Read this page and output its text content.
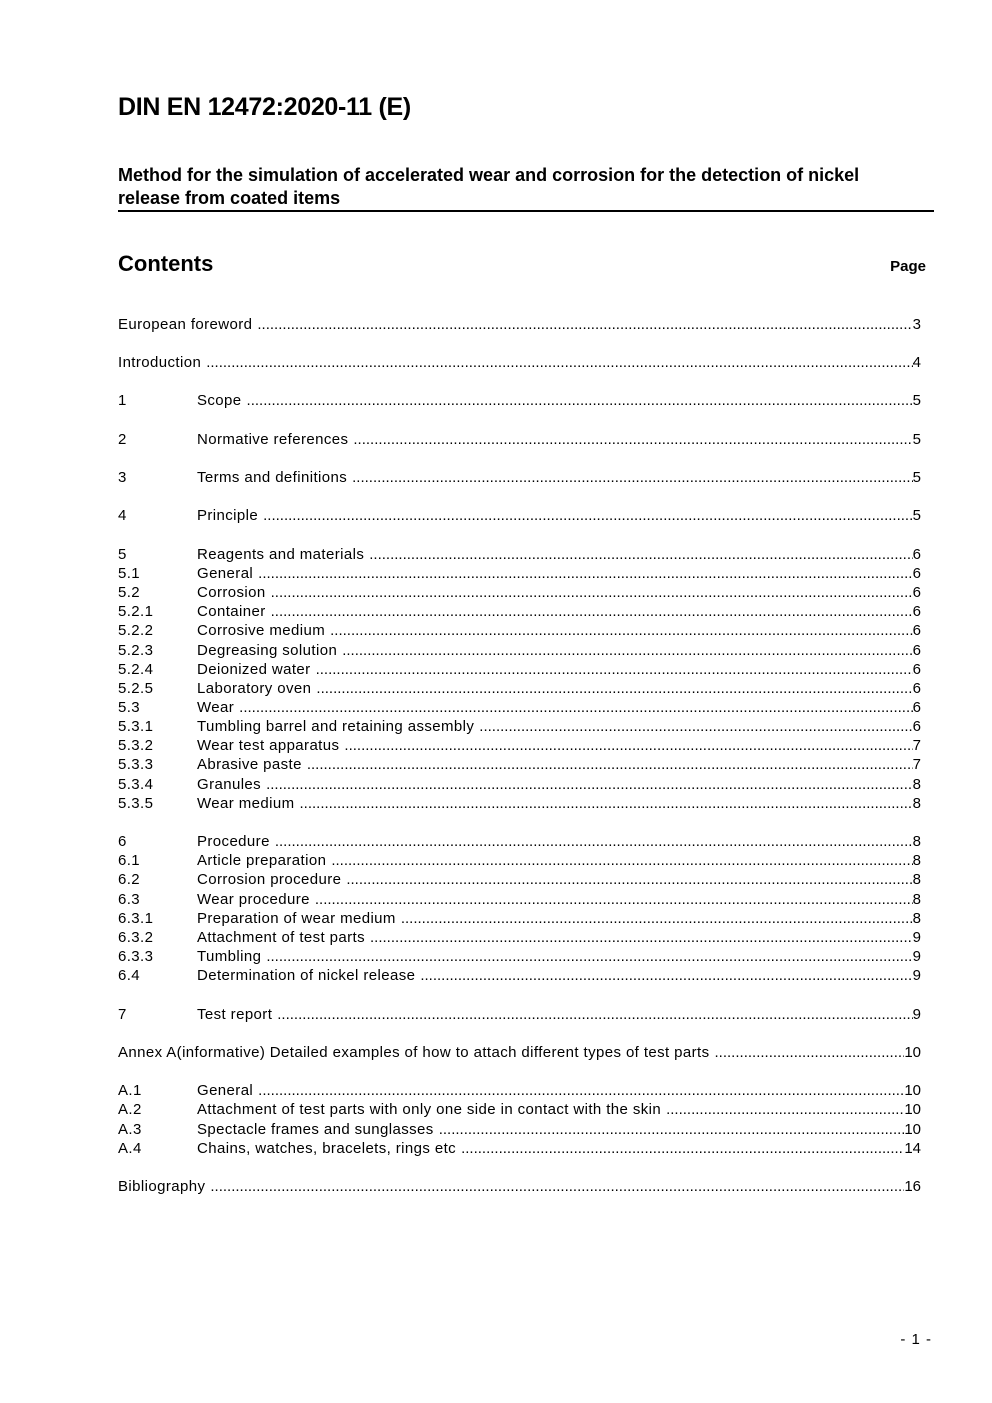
DIN EN 12472:2020-11 (E)
Method for the simulation of accelerated wear and corrosion for the detection of nickel release from coated items
Contents	Page
European foreword .....	3
Introduction .....	4
1	Scope .....	5
2	Normative references .....	5
3	Terms and definitions .....	5
4	Principle .....	5
5	Reagents and materials .....	6
5.1	General .....	6
5.2	Corrosion .....	6
5.2.1	Container .....	6
5.2.2	Corrosive medium .....	6
5.2.3	Degreasing solution .....	6
5.2.4	Deionized water .....	6
5.2.5	Laboratory oven .....	6
5.3	Wear .....	6
5.3.1	Tumbling barrel and retaining assembly .....	6
5.3.2	Wear test apparatus .....	7
5.3.3	Abrasive paste .....	7
5.3.4	Granules .....	8
5.3.5	Wear medium .....	8
6	Procedure .....	8
6.1	Article preparation .....	8
6.2	Corrosion procedure .....	8
6.3	Wear procedure .....	8
6.3.1	Preparation of wear medium .....	8
6.3.2	Attachment of test parts .....	9
6.3.3	Tumbling .....	9
6.4	Determination of nickel release .....	9
7	Test report .....	9
Annex A(informative) Detailed examples of how to attach different types of test parts .....	10
A.1	General .....	10
A.2	Attachment of test parts with only one side in contact with the skin .....	10
A.3	Spectacle frames and sunglasses .....	10
A.4	Chains, watches, bracelets, rings etc .....	14
Bibliography .....	16
- 1 -
